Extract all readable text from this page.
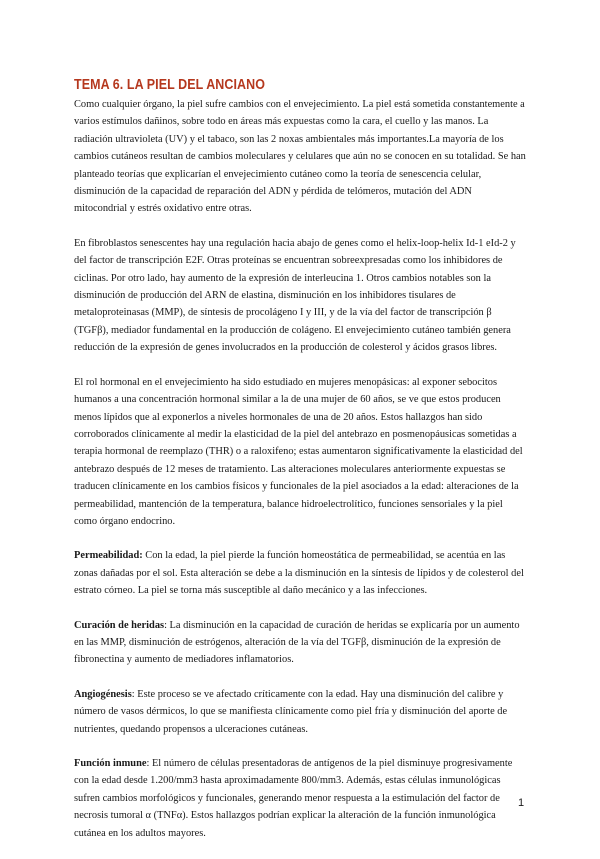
TEMA 6. LA PIEL DEL ANCIANO

Como cualquier órgano, la piel sufre cambios con el envejecimiento. La piel está sometida constantemente a varios estímulos dañinos, sobre todo en áreas más expuestas como la cara, el cuello y las manos. La radiación ultravioleta (UV) y el tabaco, son las 2 noxas ambientales más importantes.La mayoría de los cambios cutáneos resultan de cambios moleculares y celulares que aún no se conocen en su totalidad. Se han planteado teorías que explicarían el envejecimiento cutáneo como la teoría de senescencia celular, disminución de la capacidad de reparación del ADN y pérdida de telómeros, mutación del ADN mitocondrial y estrés oxidativo entre otras.

En fibroblastos senescentes hay una regulación hacia abajo de genes como el helix-loop-helix Id-1 eId-2 y del factor de transcripción E2F. Otras proteínas se encuentran sobreexpresadas como los inhibidores de ciclinas. Por otro lado, hay aumento de la expresión de interleucina 1. Otros cambios notables son la disminución de producción del ARN de elastina, disminución en los inhibidores tisulares de metaloproteinasas (MMP), de síntesis de procolágeno I y III, y de la vía del factor de transcripción β (TGFβ), mediador fundamental en la producción de colágeno. El envejecimiento cutáneo también genera reducción de la expresión de genes involucrados en la producción de colesterol y ácidos grasos libres.

El rol hormonal en el envejecimiento ha sido estudiado en mujeres menopásicas: al exponer sebocitos humanos a una concentración hormonal similar a la de una mujer de 60 años, se ve que estos producen menos lípidos que al exponerlos a niveles hormonales de una de 20 años. Estos hallazgos han sido corroborados clínicamente al medir la elasticidad de la piel del antebrazo en posmenopáusicas sometidas a terapia hormonal de reemplazo (THR) o a raloxifeno; estas aumentaron significativamente la elasticidad del antebrazo después de 12 meses de tratamiento. Las alteraciones moleculares anteriormente expuestas se traducen clínicamente en los cambios físicos y funcionales de la piel asociados a la edad: alteraciones de la permeabilidad, mantención de la temperatura, balance hidroelectrolítico, funciones sensoriales y la piel como órgano endocrino.

Permeabilidad: Con la edad, la piel pierde la función homeostática de permeabilidad, se acentúa en las zonas dañadas por el sol. Esta alteración se debe a la disminución en la síntesis de lípidos y de colesterol del estrato córneo. La piel se torna más susceptible al daño mecánico y a las infecciones.

Curación de heridas: La disminución en la capacidad de curación de heridas se explicaría por un aumento en las MMP, disminución de estrógenos, alteración de la vía del TGFβ, disminución de la expresión de fibronectina y aumento de mediadores inflamatorios.

Angiogénesis: Este proceso se ve afectado críticamente con la edad. Hay una disminución del calibre y número de vasos dérmicos, lo que se manifiesta clínicamente como piel fría y disminución del aporte de nutrientes, quedando propensos a ulceraciones cutáneas.

Función inmune: El número de células presentadoras de antígenos de la piel disminuye progresivamente con la edad desde 1.200/mm3 hasta aproximadamente 800/mm3. Además, estas células inmunológicas sufren cambios morfológicos y funcionales, generando menor respuesta a la estimulación del factor de necrosis tumoral α (TNFα). Estos hallazgos podrían explicar la alteración de la función inmunológica cutánea en los adultos mayores.

1
